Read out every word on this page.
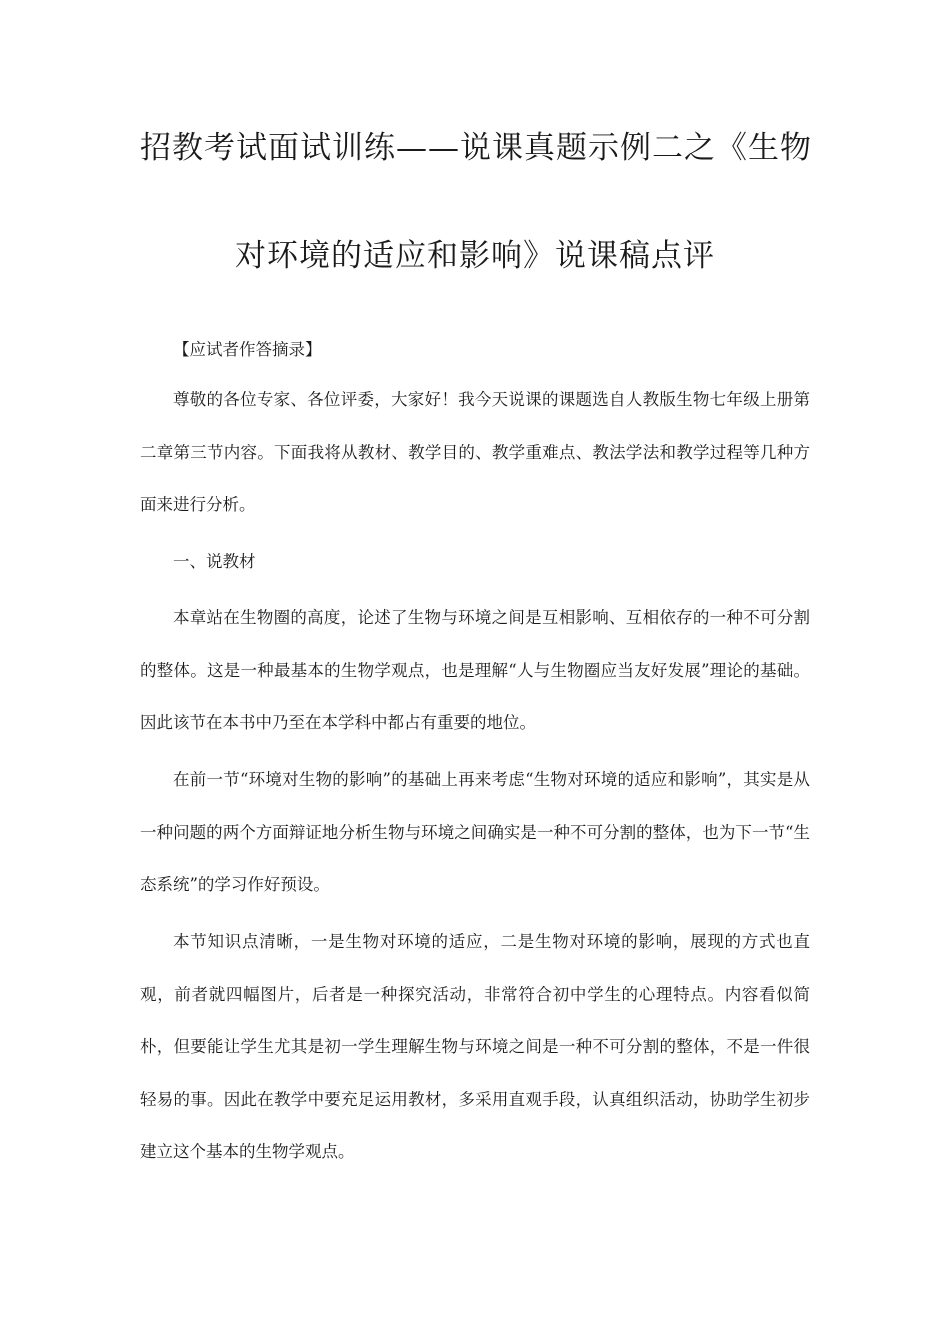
招教考试面试训练——说课真题示例二之《生物
对环境的适应和影响》说课稿点评

【应试者作答摘录】

尊敬的各位专家、各位评委，大家好！我今天说课的课题选自人教版生物七年级上册第二章第三节内容。下面我将从教材、教学目的、教学重难点、教法学法和教学过程等几种方面来进行分析。

一、说教材

本章站在生物圈的高度，论述了生物与环境之间是互相影响、互相依存的一种不可分割的整体。这是一种最基本的生物学观点，也是理解“人与生物圈应当友好发展”理论的基础。因此该节在本书中乃至在本学科中都占有重要的地位。

在前一节“环境对生物的影响”的基础上再来考虑“生物对环境的适应和影响”，其实是从一种问题的两个方面辩证地分析生物与环境之间确实是一种不可分割的整体，也为下一节“生态系统”的学习作好预设。

本节知识点清晰，一是生物对环境的适应，二是生物对环境的影响，展现的方式也直观，前者就四幅图片，后者是一种探究活动，非常符合初中学生的心理特点。内容看似简朴，但要能让学生尤其是初一学生理解生物与环境之间是一种不可分割的整体，不是一件很轻易的事。因此在教学中要充足运用教材，多采用直观手段，认真组织活动，协助学生初步建立这个基本的生物学观点。
